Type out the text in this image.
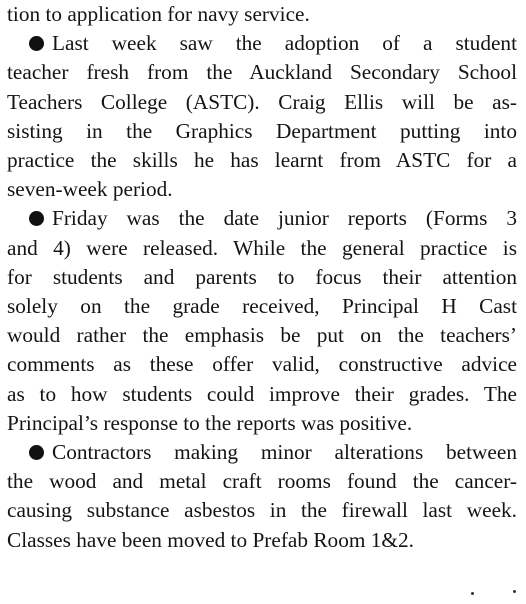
tion to application for navy service.
Last week saw the adoption of a student
teacher fresh from the Auckland Secondary School
Teachers College (ASTC). Craig Ellis will be as-
sisting in the Graphics Department putting into
practice the skills he has learnt from ASTC for a
seven-week period.
Friday was the date junior reports (Forms 3
and 4) were released. While the general practice is
for students and parents to focus their attention
solely on the grade received, Principal H Cast
would rather the emphasis be put on the teachers’
comments as these offer valid, constructive advice
as to how students could improve their grades. The
Principal’s response to the reports was positive.
Contractors making minor alterations between
the wood and metal craft rooms found the cancer-
causing substance asbestos in the firewall last week.
Classes have been moved to Prefab Room 1&2.
